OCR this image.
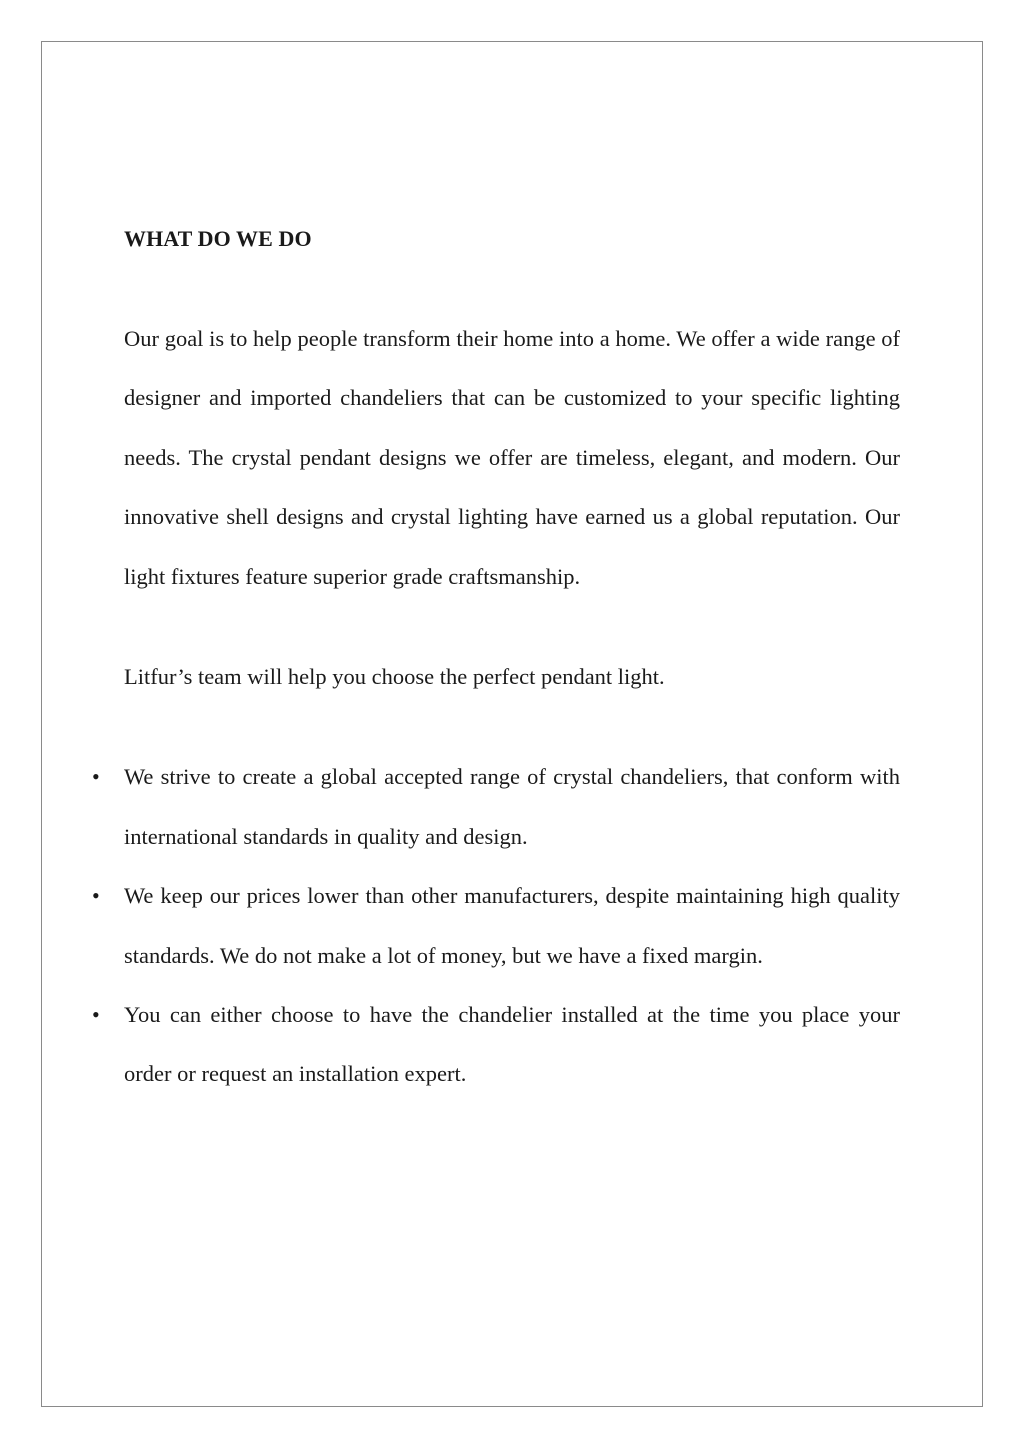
WHAT DO WE DO

Our goal is to help people transform their home into a home. We offer a wide range of designer and imported chandeliers that can be customized to your specific lighting needs. The crystal pendant designs we offer are timeless, elegant, and modern. Our innovative shell designs and crystal lighting have earned us a global reputation. Our light fixtures feature superior grade craftsmanship.

Litfur’s team will help you choose the perfect pendant light.

• We strive to create a global accepted range of crystal chandeliers, that conform with international standards in quality and design.
• We keep our prices lower than other manufacturers, despite maintaining high quality standards. We do not make a lot of money, but we have a fixed margin.
• You can either choose to have the chandelier installed at the time you place your order or request an installation expert.
